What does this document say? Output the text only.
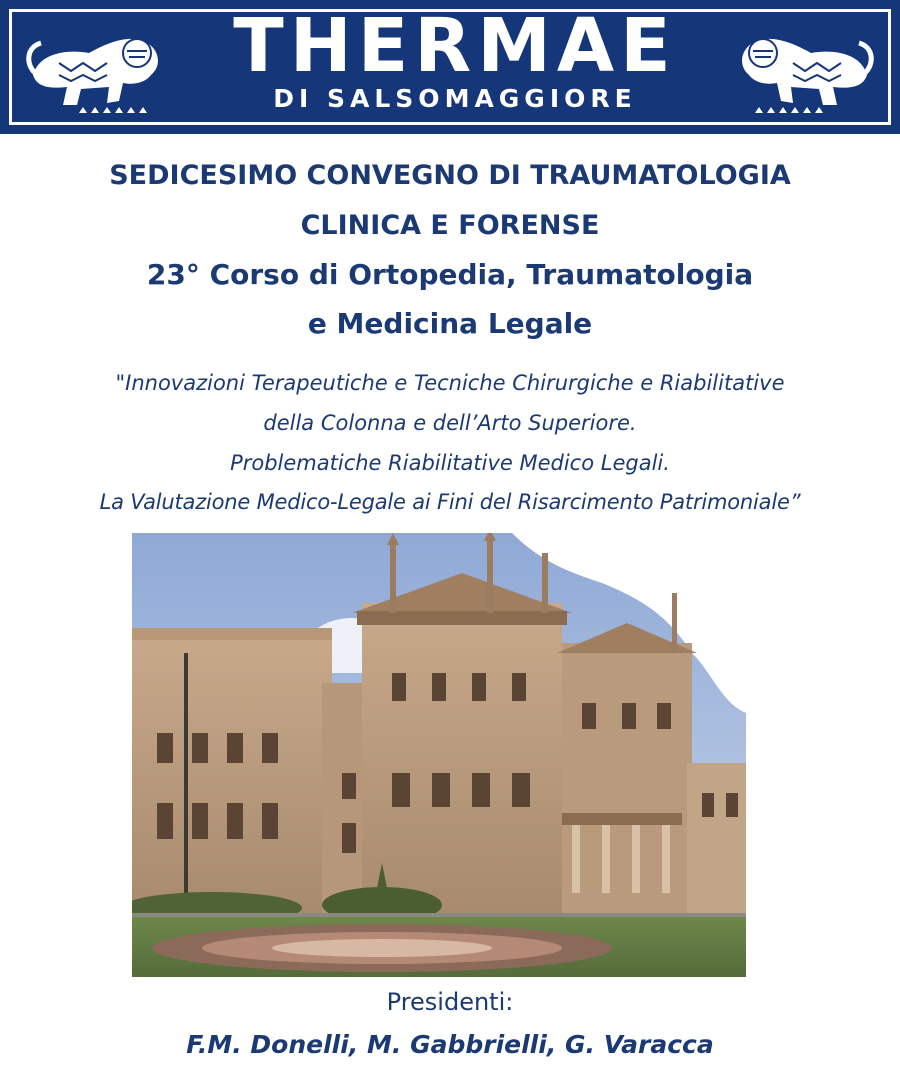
THERMAE
DI SALSOMAGGIORE
SEDICESIMO CONVEGNO DI TRAUMATOLOGIA
CLINICA E FORENSE
23° Corso di Ortopedia, Traumatologia
e Medicina Legale
"Innovazioni Terapeutiche e Tecniche Chirurgiche e Riabilitative
della Colonna e dell’Arto Superiore.
Problematiche Riabilitative Medico Legali.
La Valutazione Medico-Legale ai Fini del Risarcimento Patrimoniale”
Presidenti:
F.M. Donelli, M. Gabbrielli, G. Varacca
